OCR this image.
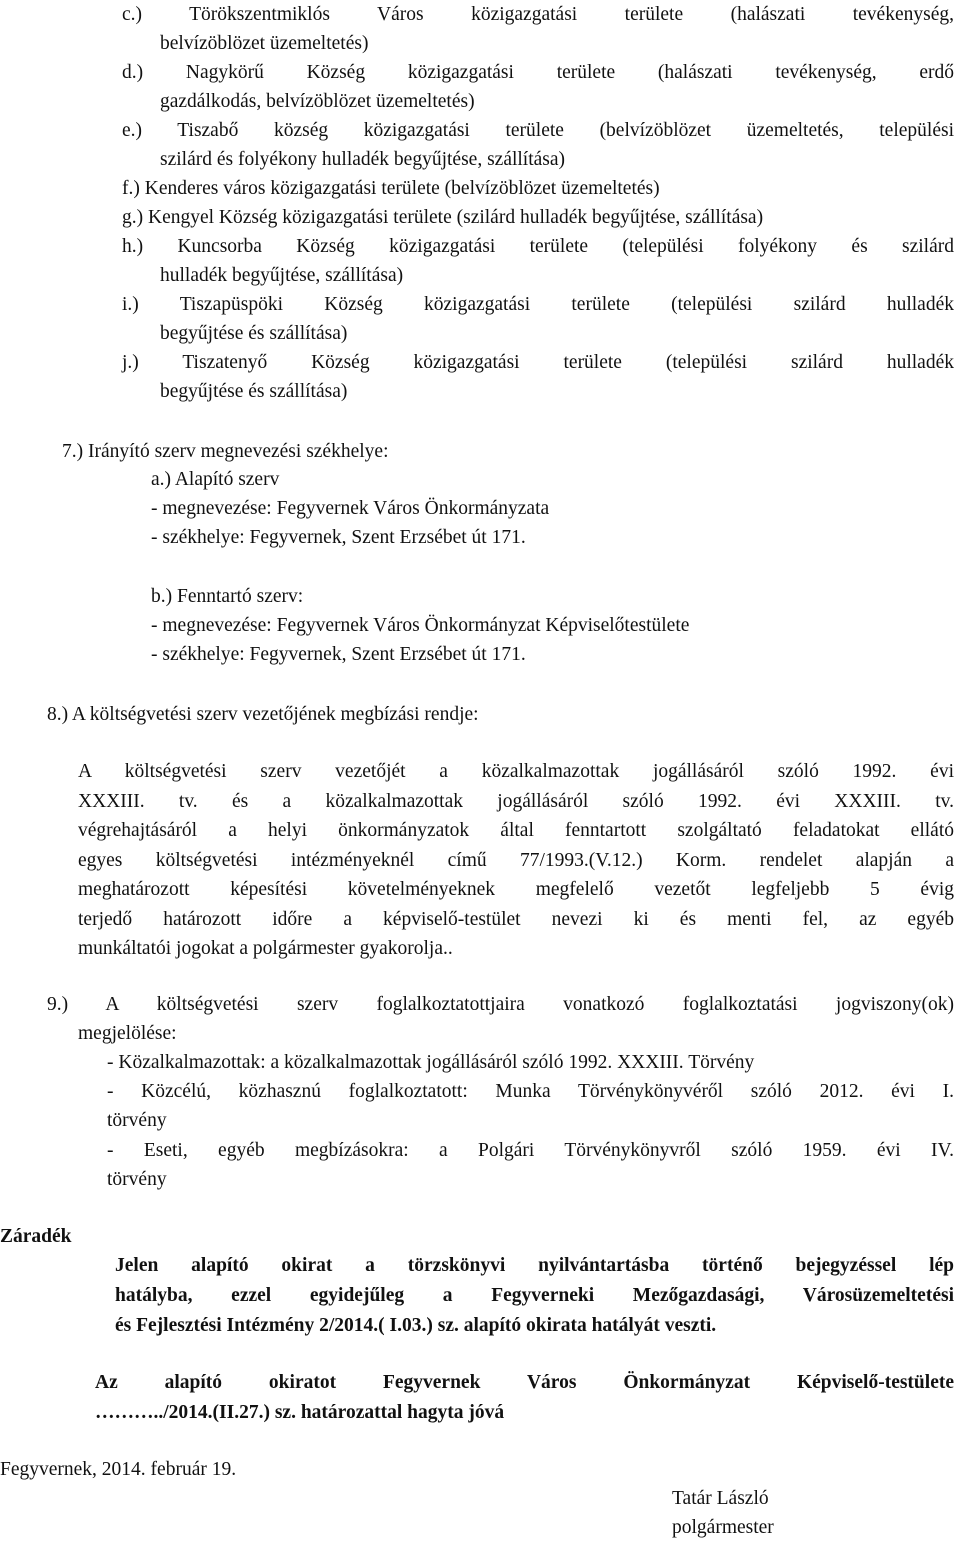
c.) Törökszentmiklós Város közigazgatási területe (halászati tevékenység,
belvízöblözet üzemeltetés)
d.) Nagykörű Község közigazgatási területe (halászati tevékenység, erdő
gazdálkodás, belvízöblözet üzemeltetés)
e.) Tiszabő község közigazgatási területe (belvízöblözet üzemeltetés, települési
szilárd és folyékony hulladék begyűjtése, szállítása)
f.) Kenderes város közigazgatási területe (belvízöblözet üzemeltetés)
g.) Kengyel Község közigazgatási területe (szilárd hulladék begyűjtése, szállítása)
h.) Kuncsorba Község közigazgatási területe (települési folyékony és szilárd
hulladék begyűjtése, szállítása)
i.) Tiszapüspöki Község közigazgatási területe (települési szilárd hulladék
begyűjtése és szállítása)
j.) Tiszatenyő Község közigazgatási területe (települési szilárd hulladék
begyűjtése és szállítása)
7.) Irányító szerv megnevezési székhelye:
a.) Alapító szerv
- megnevezése: Fegyvernek Város Önkormányzata
- székhelye: Fegyvernek, Szent Erzsébet út 171.
b.) Fenntartó szerv:
- megnevezése: Fegyvernek Város Önkormányzat Képviselőtestülete
- székhelye: Fegyvernek, Szent Erzsébet út 171.
8.) A költségvetési szerv vezetőjének megbízási rendje:
A költségvetési szerv vezetőjét a közalkalmazottak jogállásáról szóló 1992. évi
XXXIII. tv. és a közalkalmazottak jogállásáról szóló 1992. évi XXXIII. tv.
végrehajtásáról a helyi önkormányzatok által fenntartott szolgáltató feladatokat ellátó
egyes költségvetési intézményeknél című 77/1993.(V.12.) Korm. rendelet alapján a
meghatározott képesítési követelményeknek megfelelő vezetőt legfeljebb 5 évig
terjedő határozott időre a képviselő-testület nevezi ki és menti fel, az egyéb
munkáltatói jogokat a polgármester gyakorolja..
9.) A költségvetési szerv foglalkoztatottjaira vonatkozó foglalkoztatási jogviszony(ok)
megjelölése:
- Közalkalmazottak: a közalkalmazottak jogállásáról szóló 1992. XXXIII. Törvény
- Közcélú, közhasznú foglalkoztatott: Munka Törvénykönyvéről szóló 2012. évi I.
törvény
- Eseti, egyéb megbízásokra: a Polgári Törvénykönyvről szóló 1959. évi IV.
törvény
Záradék
Jelen alapító okirat a törzskönyvi nyilvántartásba történő bejegyzéssel lép
hatályba, ezzel egyidejűleg a Fegyverneki Mezőgazdasági, Városüzemeltetési
és Fejlesztési Intézmény 2/2014.( I.03.) sz. alapító okirata hatályát veszti.
Az alapító okiratot Fegyvernek Város Önkormányzat Képviselő-testülete
………../2014.(II.27.) sz. határozattal hagyta jóvá
Fegyvernek, 2014. február 19.
Tatár László
polgármester
